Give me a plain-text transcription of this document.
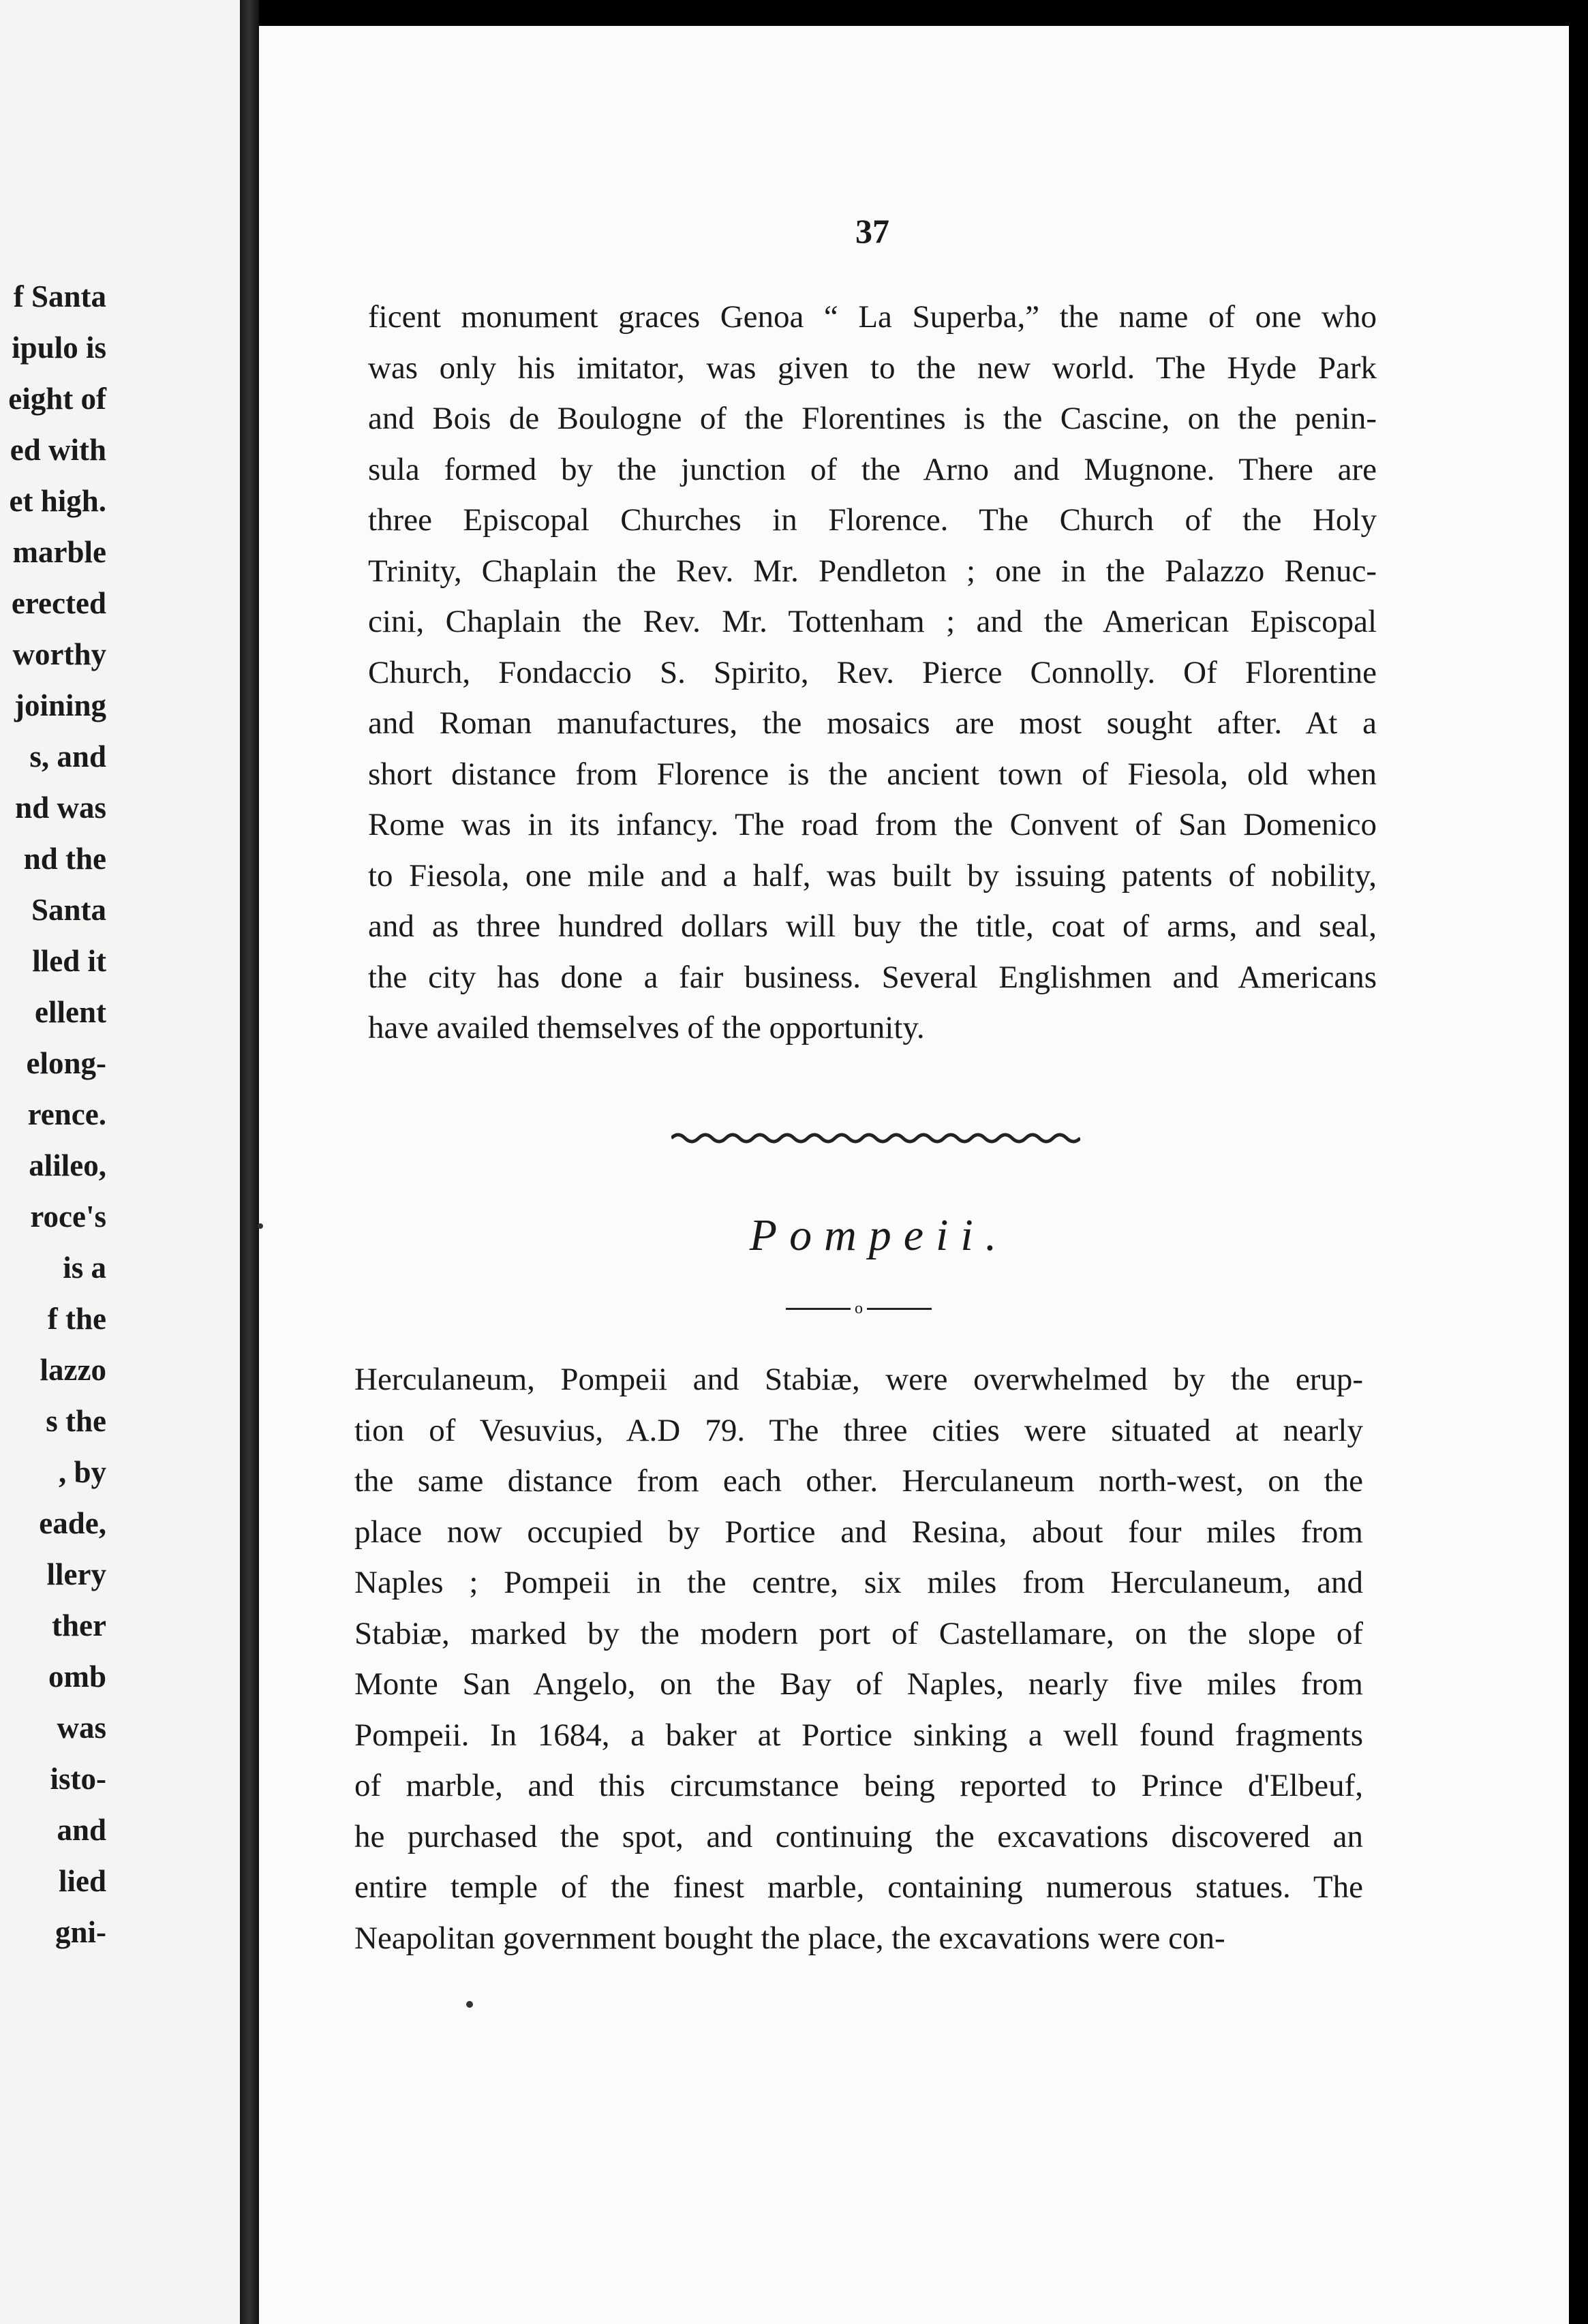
f Santa
ipulo is
eight of
ed with
et high.
marble
erected
worthy
joining
s, and
nd was
nd the
Santa
lled it
ellent
elong-
rence.
alileo,
roce's
is a
f the
lazzo
s the
, by
eade,
llery
ther
omb
was
isto-
and
lied
gni-
37
ficent monument graces Genoa “ La Superba,” the name of one who
was only his imitator, was given to the new world. The Hyde Park
and Bois de Boulogne of the Florentines is the Cascine, on the penin-
sula formed by the junction of the Arno and Mugnone. There are
three Episcopal Churches in Florence. The Church of the Holy
Trinity, Chaplain the Rev. Mr. Pendleton ; one in the Palazzo Renuc-
cini, Chaplain the Rev. Mr. Tottenham ; and the American Episcopal
Church, Fondaccio S. Spirito, Rev. Pierce Connolly. Of Florentine
and Roman manufactures, the mosaics are most sought after. At a
short distance from Florence is the ancient town of Fiesola, old when
Rome was in its infancy. The road from the Convent of San Domenico
to Fiesola, one mile and a half, was built by issuing patents of nobility,
and as three hundred dollars will buy the title, coat of arms, and seal,
the city has done a fair business. Several Englishmen and Americans
have availed themselves of the opportunity.
Pompeii.
o
Herculaneum, Pompeii and Stabiæ, were overwhelmed by the erup-
tion of Vesuvius, A.D 79. The three cities were situated at nearly
the same distance from each other. Herculaneum north-west, on the
place now occupied by Portice and Resina, about four miles from
Naples ; Pompeii in the centre, six miles from Herculaneum, and
Stabiæ, marked by the modern port of Castellamare, on the slope of
Monte San Angelo, on the Bay of Naples, nearly five miles from
Pompeii. In 1684, a baker at Portice sinking a well found fragments
of marble, and this circumstance being reported to Prince d'Elbeuf,
he purchased the spot, and continuing the excavations discovered an
entire temple of the finest marble, containing numerous statues. The
Neapolitan government bought the place, the excavations were con-
